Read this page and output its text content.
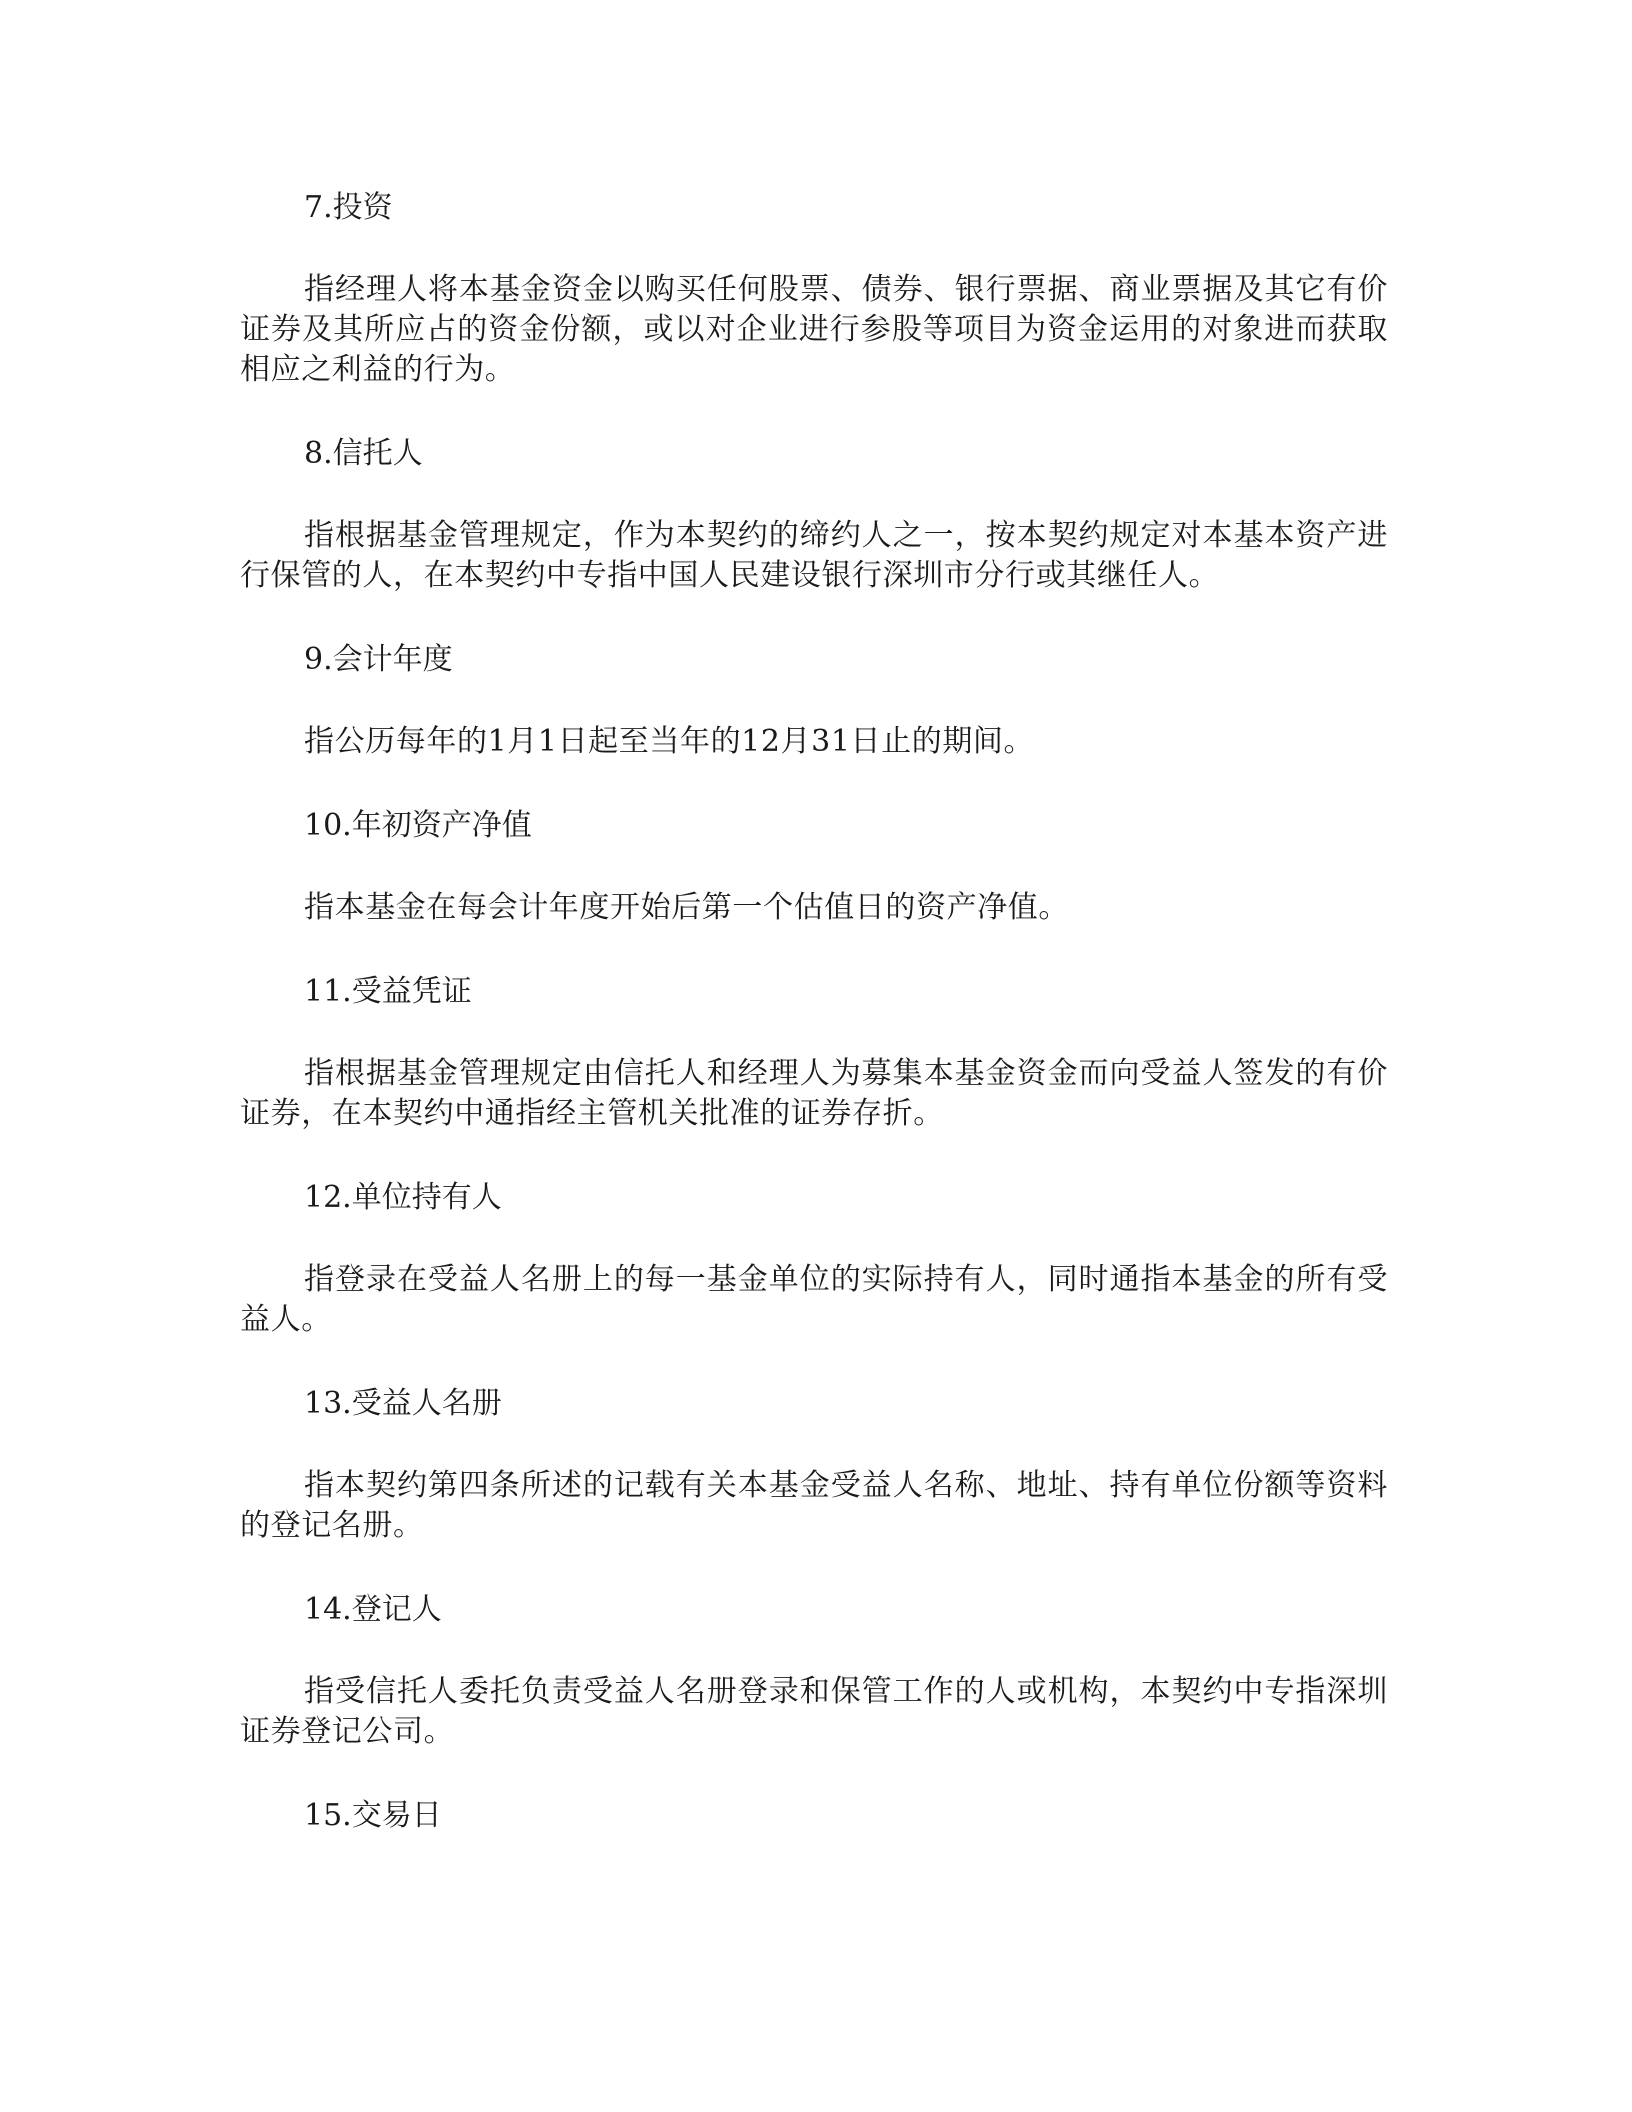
7.投资
指经理人将本基金资金以购买任何股票、债券、银行票据、商业票据及其它有价证券及其所应占的资金份额，或以对企业进行参股等项目为资金运用的对象进而获取相应之利益的行为。
8.信托人
指根据基金管理规定，作为本契约的缔约人之一，按本契约规定对本基本资产进行保管的人，在本契约中专指中国人民建设银行深圳市分行或其继任人。
9.会计年度
指公历每年的1月1日起至当年的12月31日止的期间。
10.年初资产净值
指本基金在每会计年度开始后第一个估值日的资产净值。
11.受益凭证
指根据基金管理规定由信托人和经理人为募集本基金资金而向受益人签发的有价证券，在本契约中通指经主管机关批准的证券存折。
12.单位持有人
指登录在受益人名册上的每一基金单位的实际持有人，同时通指本基金的所有受益人。
13.受益人名册
指本契约第四条所述的记载有关本基金受益人名称、地址、持有单位份额等资料的登记名册。
14.登记人
指受信托人委托负责受益人名册登录和保管工作的人或机构，本契约中专指深圳证券登记公司。
15.交易日
